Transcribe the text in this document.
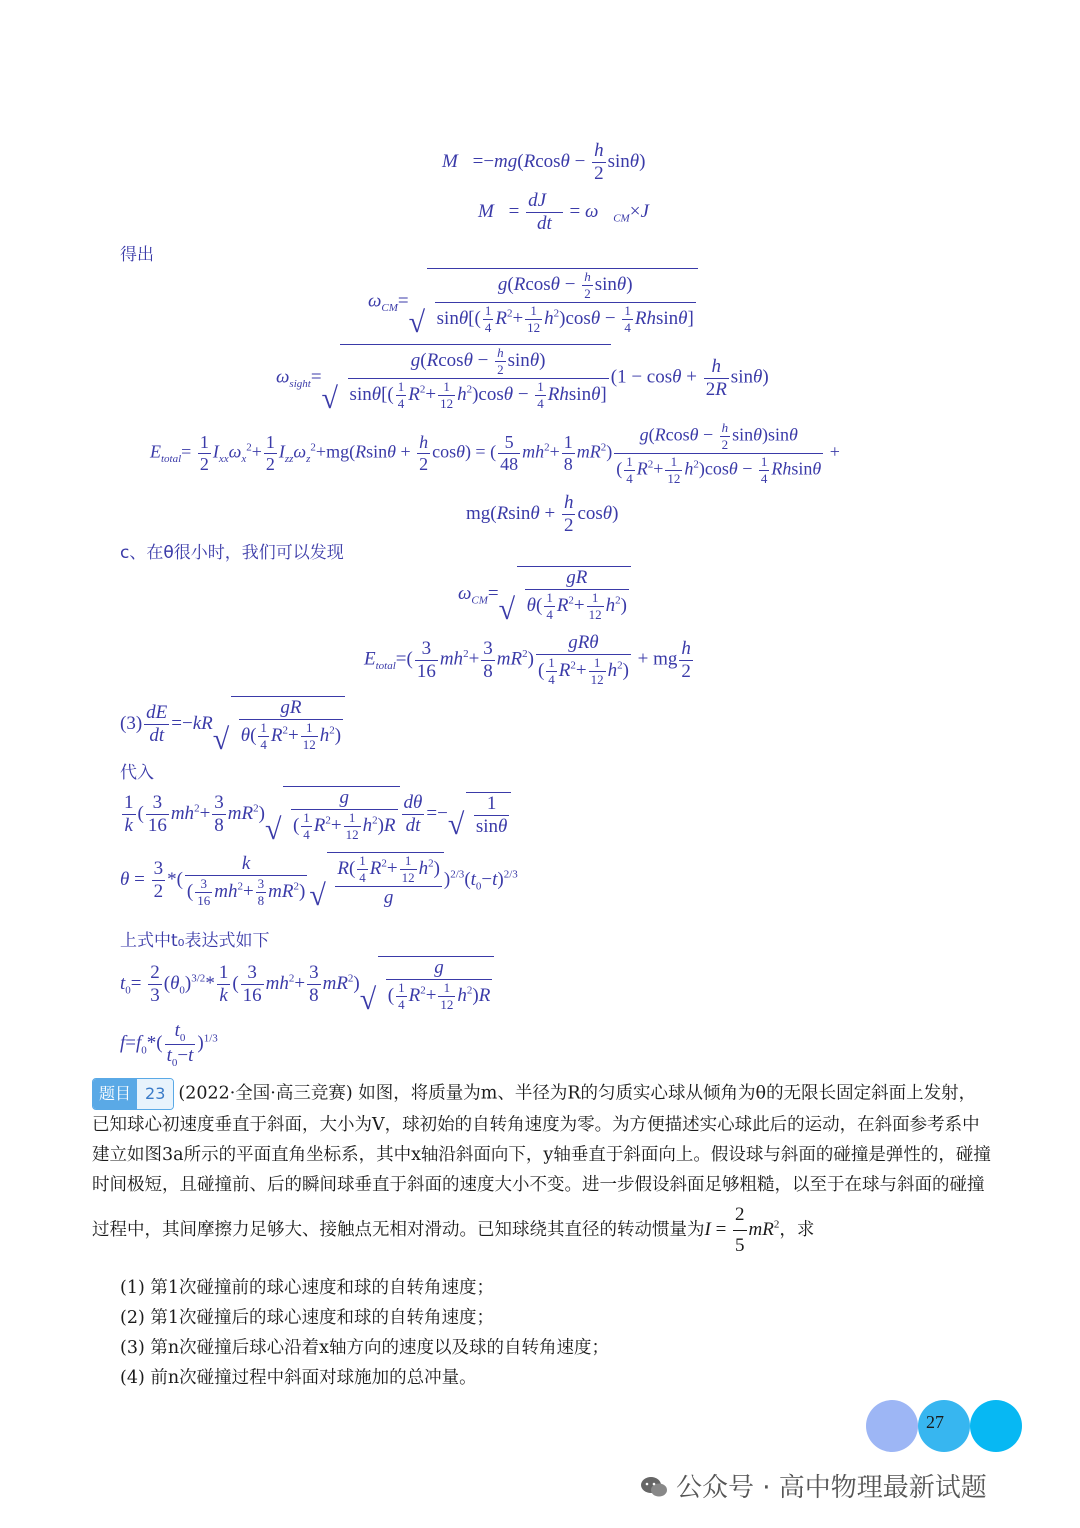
M⃗=−mg(Rcosθ − $\frac{h}{2} \sin\theta$)
M⃗= $\frac{dJ⃗}{dt}$ = $\omega⃗_{CM}\times J⃗$
得出
$\omega_{CM}=$ √ $\frac{g(Rcos\theta - \frac{h}{2} \sin\theta)}{\sin\theta[( \frac{1}{4} R^2+ \frac{1}{12} h^2)\cos\theta - \frac{1}{4} Rhsin\theta]}$
$\omega_{sight}=$ √ $\frac{g(Rcos\theta - \frac{h}{2} \sin\theta)}{\sin\theta[( \frac{1}{4} R^2+ \frac{1}{12} h^2)\cos\theta - \frac{1}{4} Rhsin\theta]} (1 - \cos\theta + \frac{h}{2R} \sin\theta)$
$E_{total}= \frac{1}{2} I_{xx}\omega_x^2+ \frac{1}{2} I_{zz}\omega_z^2+mg(Rsin\theta + \frac{h}{2} \cos\theta)$ = ( $\frac{5}{48} mh^2+ \frac{1}{8} mR^2) \frac{g(Rcos\theta - \frac{h}{2} \sin\theta)\sin\theta}{( \frac{1}{4} R^2+ \frac{1}{12} h^2)\cos\theta - \frac{1}{4} Rhsin\theta}$ +
$mg(Rsin\theta + \frac{h}{2} \cos\theta)$
c、在θ很小时，我们可以发现
$\omega_{CM}=$ √ $\frac{gR}{\theta( \frac{1}{4} R^2+ \frac{1}{12} h^2)}$
$E_{total}=( \frac{3}{16} mh^2+ \frac{3}{8} mR^2) \frac{\text{gRθ}}{( \frac{1}{4} R^2+ \frac{1}{12} h^2)}$ + mg $\frac{h}{2}$
$(3) \frac{dE}{dt} =-kR$ √ $\frac{gR}{\theta( \frac{1}{4} R^2+ \frac{1}{12} h^2)}$
代入
$\frac{1}{k}$ ( $\frac{3}{16} mh^2+ \frac{3}{8} mR^2$) √ $\frac{g}{( \frac{1}{4} R^2+ \frac{1}{12} h^2)R} \frac{d\theta}{dt}$ =− √ $\frac{1}{\sin\theta}$
$\theta = \frac{3}{2}$ *( $\frac{k}{( \frac{3}{16} mh^2+ \frac{3}{8} mR^2)}$ √ $\frac{R( \frac{1}{4} R^2+ \frac{1}{12} h^2)}{g} )^{2/3}(t_0-t)^{2/3}$
上式中t₀表达式如下
$t_0= \frac{2}{3} (\theta_0)^{3/2}* \frac{1}{k}$ ( $\frac{3}{16} mh^2+ \frac{3}{8} mR^2$) √ $\frac{g}{( \frac{1}{4} R^2+ \frac{1}{12} h^2)R}$
$f=f_0*( \frac{t_0}{t_0-t} )^{1/3}$
题目 23 (2022·全国·高三竞赛) 如图，将质量为m、半径为R的匀质实心球从倾角为θ的无限长固定斜面上发射，已知球心初速度垂直于斜面，大小为V，球初始的自转角速度为零。为方便描述实心球此后的运动，在斜面参考系中建立如图3a所示的平面直角坐标系，其中x轴沿斜面向下，y轴垂直于斜面向上。假设球与斜面的碰撞是弹性的，碰撞时间极短，且碰撞前、后的瞬间球垂直于斜面的速度大小不变。进一步假设斜面足够粗糙，以至于在球与斜面的碰撞过程中，其间摩擦力足够大、接触点无相对滑动。已知球绕其直径的转动惯量为$I = \frac{2}{5} mR^2$，求
(1) 第1次碰撞前的球心速度和球的自转角速度；
(2) 第1次碰撞后的球心速度和球的自转角速度；
(3) 第n次碰撞后球心沿着x轴方向的速度以及球的自转角速度；
(4) 前n次碰撞过程中斜面对球施加的总冲量。
27
公众号 · 高中物理最新试题
